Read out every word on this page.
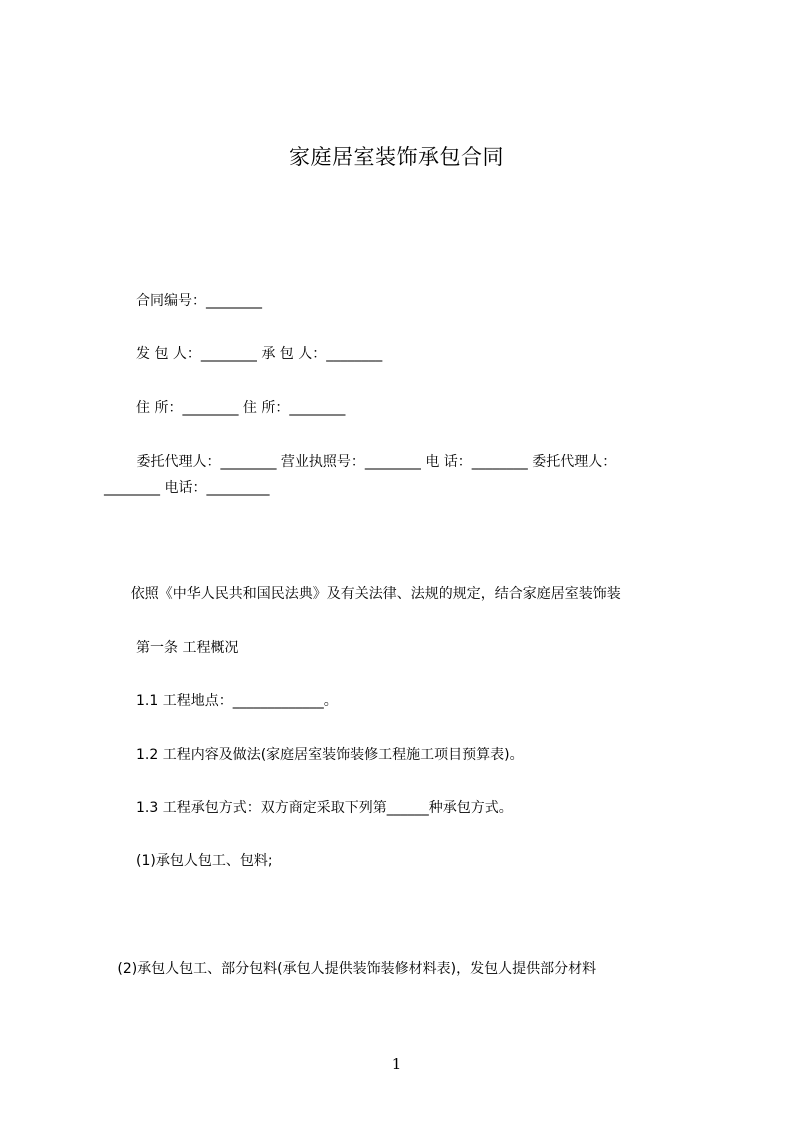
家庭居室装饰承包合同
合同编号：________
发 包 人：________ 承 包 人：________
住 所：________ 住 所：________
委托代理人：________ 营业执照号：________ 电 话：________ 委托代理人：
________ 电话：_________

依照《中华人民共和国民法典》及有关法律、法规的规定，结合家庭居室装饰装

第一条 工程概况
1.1 工程地点：_____________。
1.2 工程内容及做法(家庭居室装饰装修工程施工项目预算表)。
1.3 工程承包方式：双方商定采取下列第______种承包方式。
(1)承包人包工、包料;

(2)承包人包工、部分包料(承包人提供装饰装修材料表)，发包人提供部分材料

1
